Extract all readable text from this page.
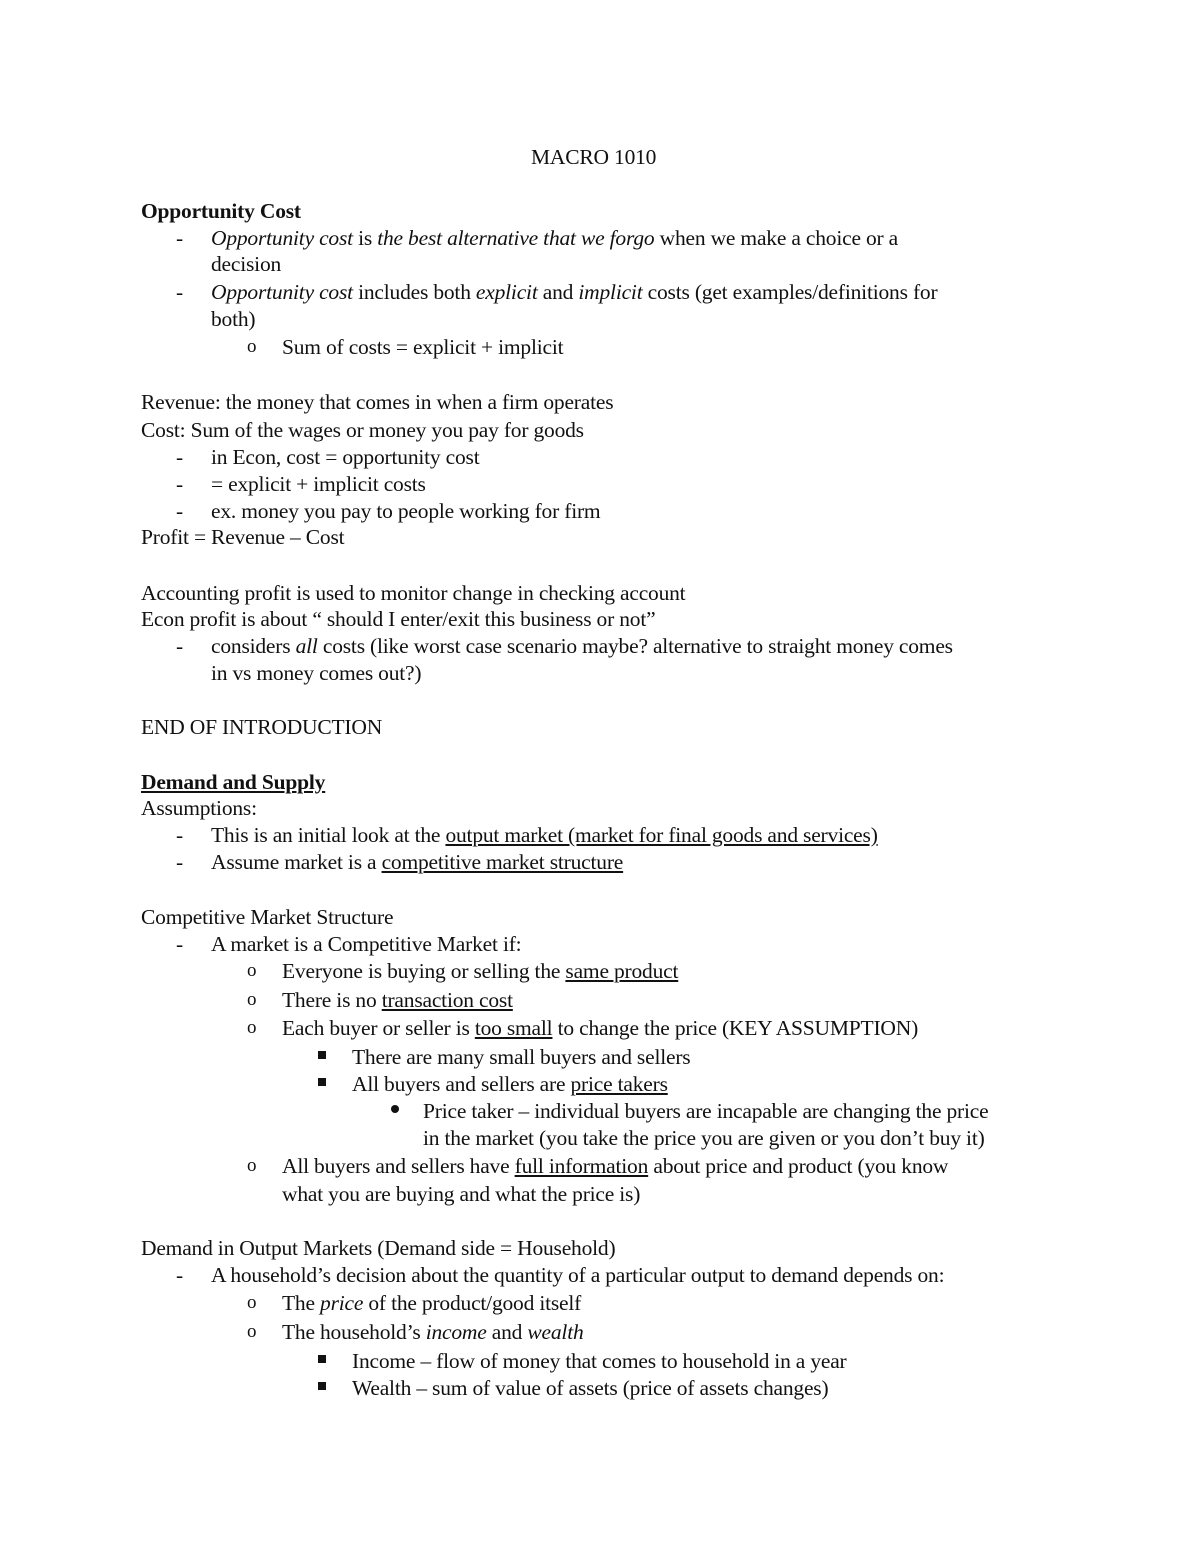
MACRO 1010
Opportunity Cost
- Opportunity cost is the best alternative that we forgo when we make a choice or a
decision
- Opportunity cost includes both explicit and implicit costs (get examples/definitions for
both)
o Sum of costs = explicit + implicit
Revenue: the money that comes in when a firm operates
Cost: Sum of the wages or money you pay for goods
- in Econ, cost = opportunity cost
- = explicit + implicit costs
- ex. money you pay to people working for firm
Profit = Revenue – Cost
Accounting profit is used to monitor change in checking account
Econ profit is about “ should I enter/exit this business or not”
- considers all costs (like worst case scenario maybe? alternative to straight money comes
in vs money comes out?)
END OF INTRODUCTION
Demand and Supply
Assumptions:
- This is an initial look at the output market (market for final goods and services)
- Assume market is a competitive market structure
Competitive Market Structure
- A market is a Competitive Market if:
o Everyone is buying or selling the same product
o There is no transaction cost
o Each buyer or seller is too small to change the price (KEY ASSUMPTION)
There are many small buyers and sellers
All buyers and sellers are price takers
Price taker – individual buyers are incapable are changing the price
in the market (you take the price you are given or you don’t buy it)
o All buyers and sellers have full information about price and product (you know
what you are buying and what the price is)
Demand in Output Markets (Demand side = Household)
- A household’s decision about the quantity of a particular output to demand depends on:
o The price of the product/good itself
o The household’s income and wealth
Income – flow of money that comes to household in a year
Wealth – sum of value of assets (price of assets changes)
